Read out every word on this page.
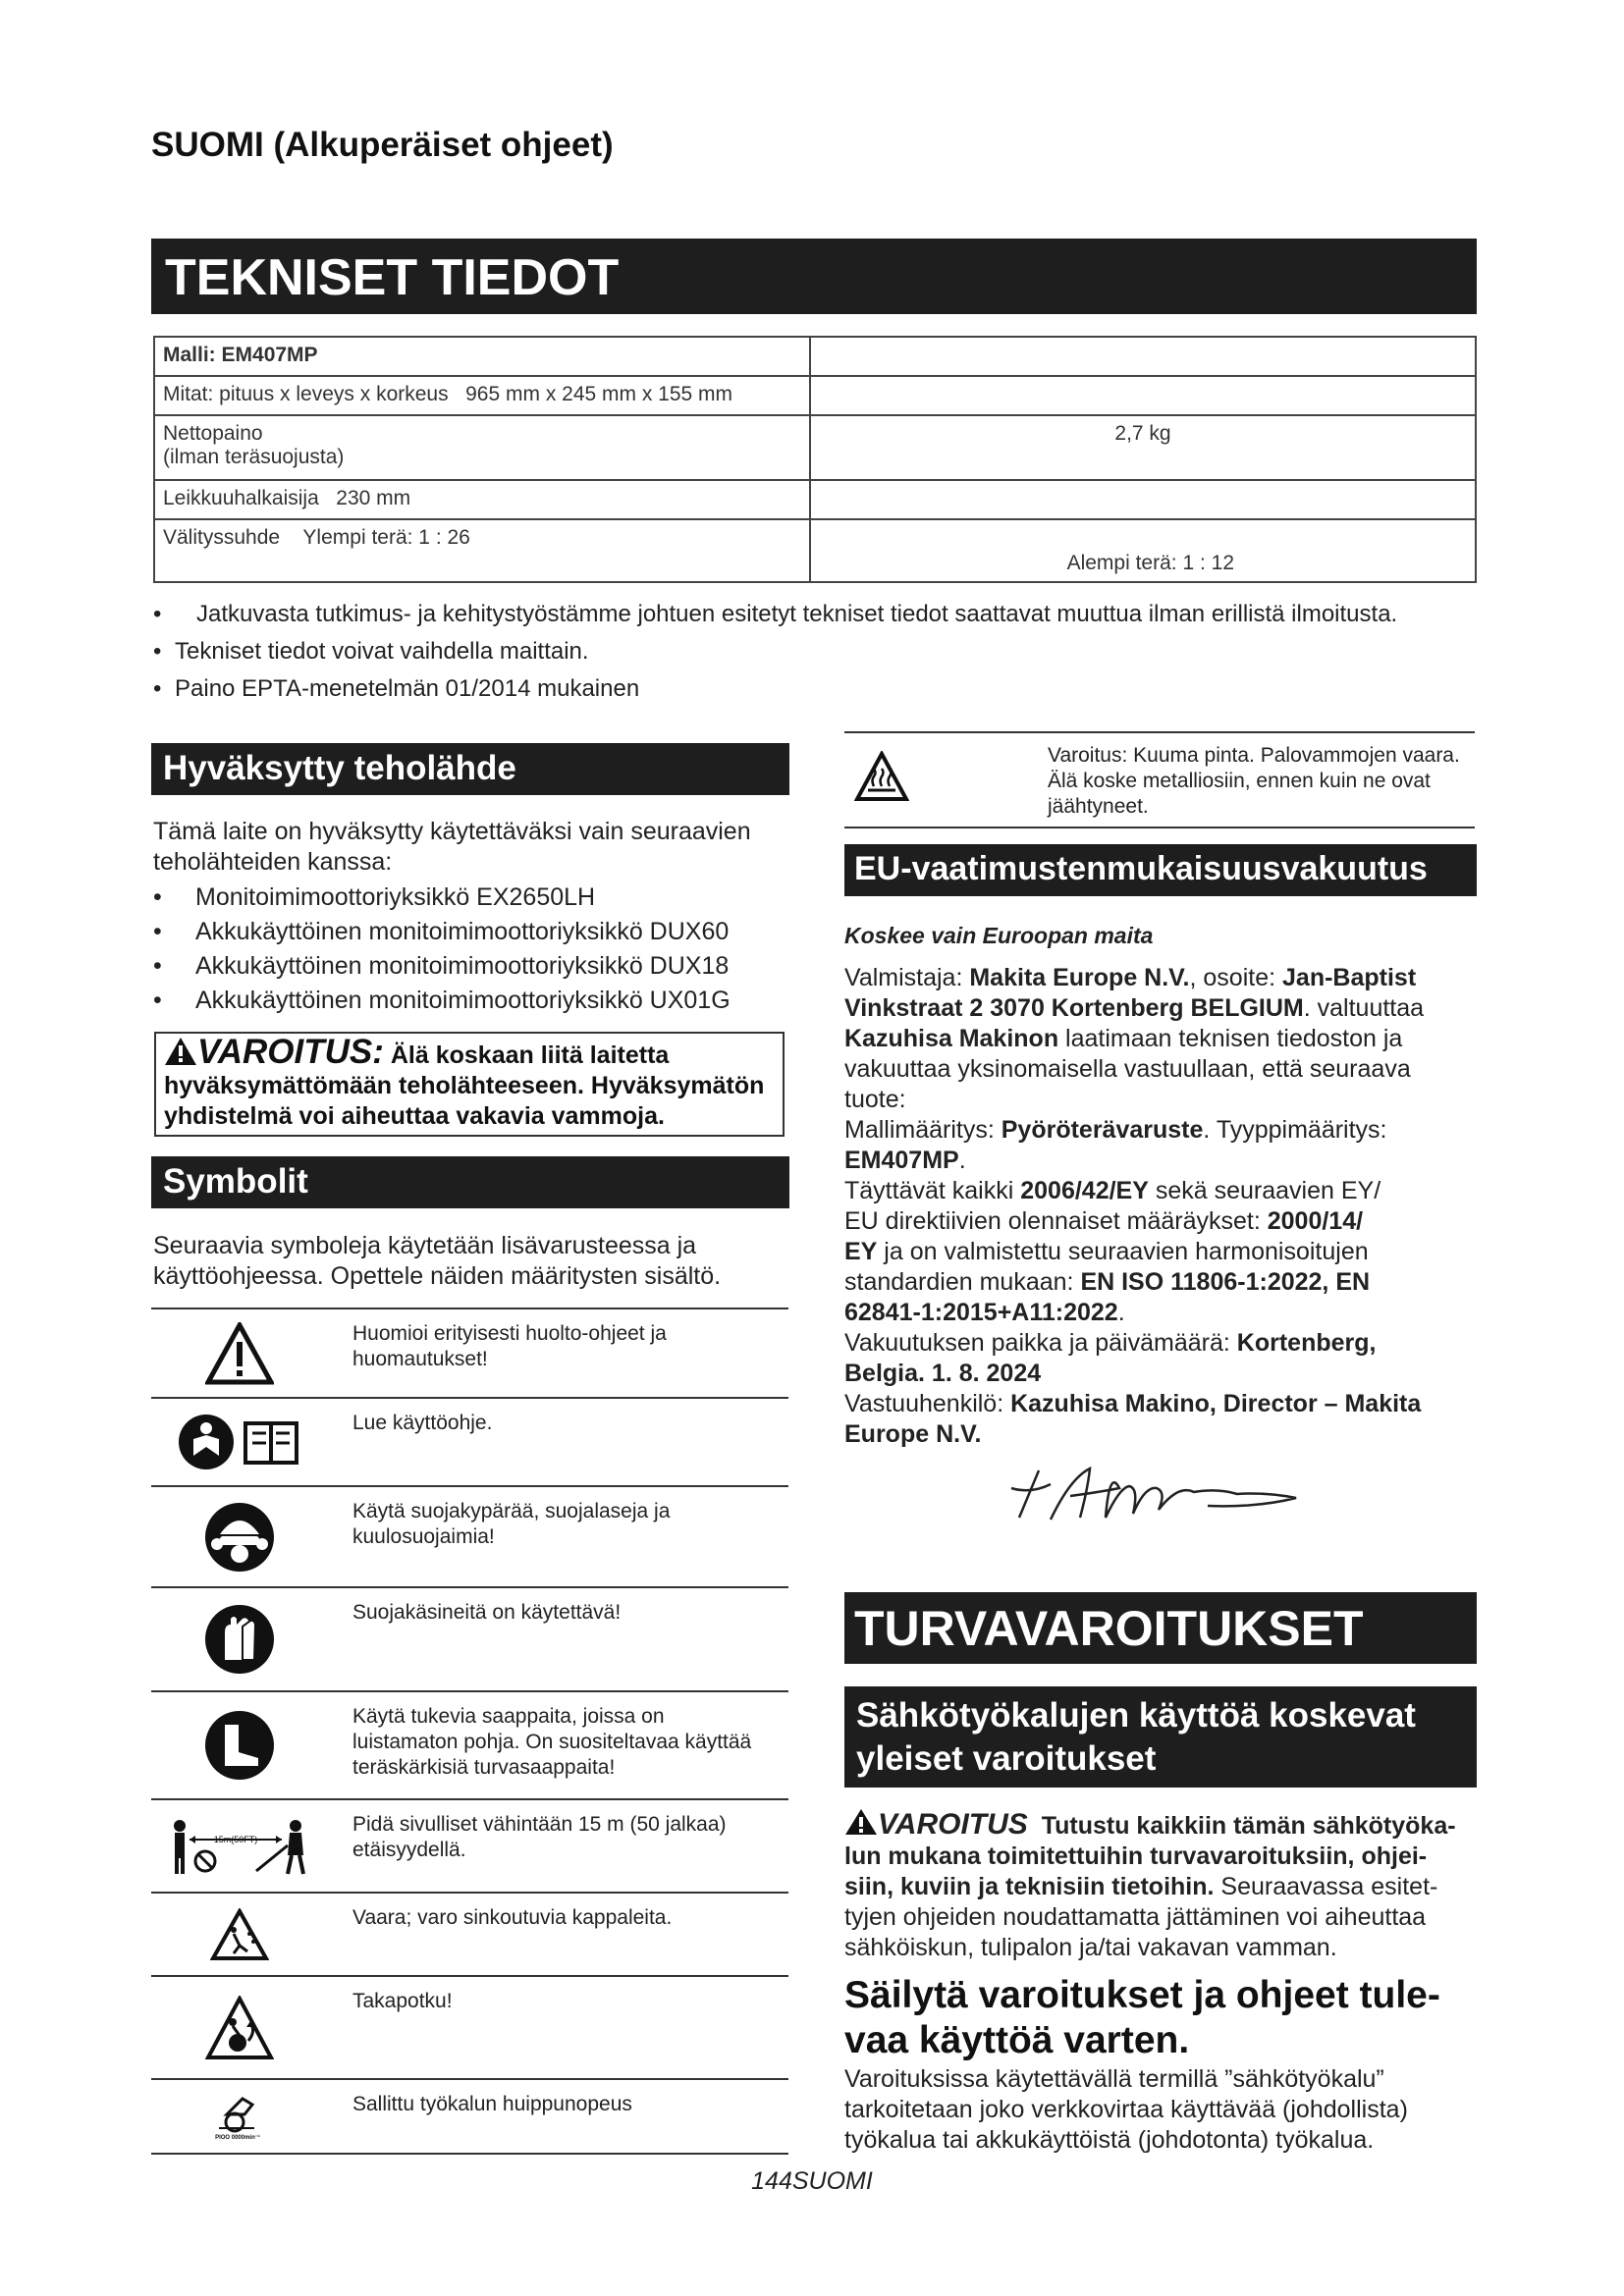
SUOMI (Alkuperäiset ohjeet)
TEKNISET TIEDOT
Malli: EM407MP	
Mitat: pituus x leveys x korkeus 965 mm x 245 mm x 155 mm	

Nettopaino
(ilman teräsuojusta)	2,7 kg
Leikkuuhalkaisija 230 mm	
Välityssuhde Ylempi terä: 1 : 26	Alempi terä: 1 : 12
• Jatkuvasta tutkimus- ja kehitystyöstämme johtuen esitetyt tekniset tiedot saattavat muuttua ilman erillistä ilmoitusta.
• Tekniset tiedot voivat vaihdella maittain.
• Paino EPTA-menetelmän 01/2014 mukainen
Hyväksytty teholähde
Tämä laite on hyväksytty käytettäväksi vain seuraavien teholähteiden kanssa:
• Monitoimimoottoriyksikkö EX2650LH
• Akkukäyttöinen monitoimimoottoriyksikkö DUX60
• Akkukäyttöinen monitoimimoottoriyksikkö DUX18
• Akkukäyttöinen monitoimimoottoriyksikkö UX01G
VAROITUS: Älä koskaan liitä laitetta hyväksymättömään teholähteeseen. Hyväksymätön yhdistelmä voi aiheuttaa vakavia vammoja.
Symbolit
Seuraavia symboleja käytetään lisävarusteessa ja käyttöohjeessa. Opettele näiden määritysten sisältö.
Huomioi erityisesti huolto-ohjeet ja huomautukset!
Lue käyttöohje.
Käytä suojakypärää, suojalaseja ja kuulosuojaimia!
Suojakäsineitä on käytettävä!
Käytä tukevia saappaita, joissa on luistamaton pohja. On suositeltavaa käyttää teräskärkisiä turvasaappaita!
15m(50FT)
Pidä sivulliset vähintään 15 m (50 jalkaa) etäisyydellä.
Vaara; varo sinkoutuvia kappaleita.
Takapotku!
PIOO 0000min⁻¹
Sallittu työkalun huippunopeus
Varoitus: Kuuma pinta. Palovammojen vaara. Älä koske metalliosiin, ennen kuin ne ovat jäähtyneet.
EU-vaatimustenmukaisuusvakuutus
Koskee vain Euroopan maita
Valmistaja: Makita Europe N.V., osoite: Jan-Baptist
Vinkstraat 2 3070 Kortenberg BELGIUM. valtuuttaa
Kazuhisa Makinon laatimaan teknisen tiedoston ja
vakuuttaa yksinomaisella vastuullaan, että seuraava
tuote:
Mallimääritys: Pyöröterävaruste. Tyyppimääritys:
EM407MP.
Täyttävät kaikki 2006/42/EY sekä seuraavien EY/
EU direktiivien olennaiset määräykset: 2000/14/
EY ja on valmistettu seuraavien harmonisoitujen
standardien mukaan: EN ISO 11806-1:2022, EN
62841-1:2015+A11:2022.
Vakuutuksen paikka ja päivämäärä: Kortenberg,
Belgia. 1. 8. 2024
Vastuuhenkilö: Kazuhisa Makino, Director – Makita
Europe N.V.
TURVAVAROITUKSET
Sähkötyökalujen käyttöä koskevat
yleiset varoitukset
VAROITUS Tutustu kaikkiin tämän sähkötyöka-
lun mukana toimitettuihin turvavaroituksiin, ohjei-
siin, kuviin ja teknisiin tietoihin. Seuraavassa esitet-
tyjen ohjeiden noudattamatta jättäminen voi aiheuttaa
sähköiskun, tulipalon ja/tai vakavan vamman.
Säilytä varoitukset ja ohjeet tule-
vaa käyttöä varten.
Varoituksissa käytettävällä termillä ”sähkötyökalu”
tarkoitetaan joko verkkovirtaa käyttävää (johdollista)
työkalua tai akkukäyttöistä (johdotonta) työkalua.
144SUOMI
